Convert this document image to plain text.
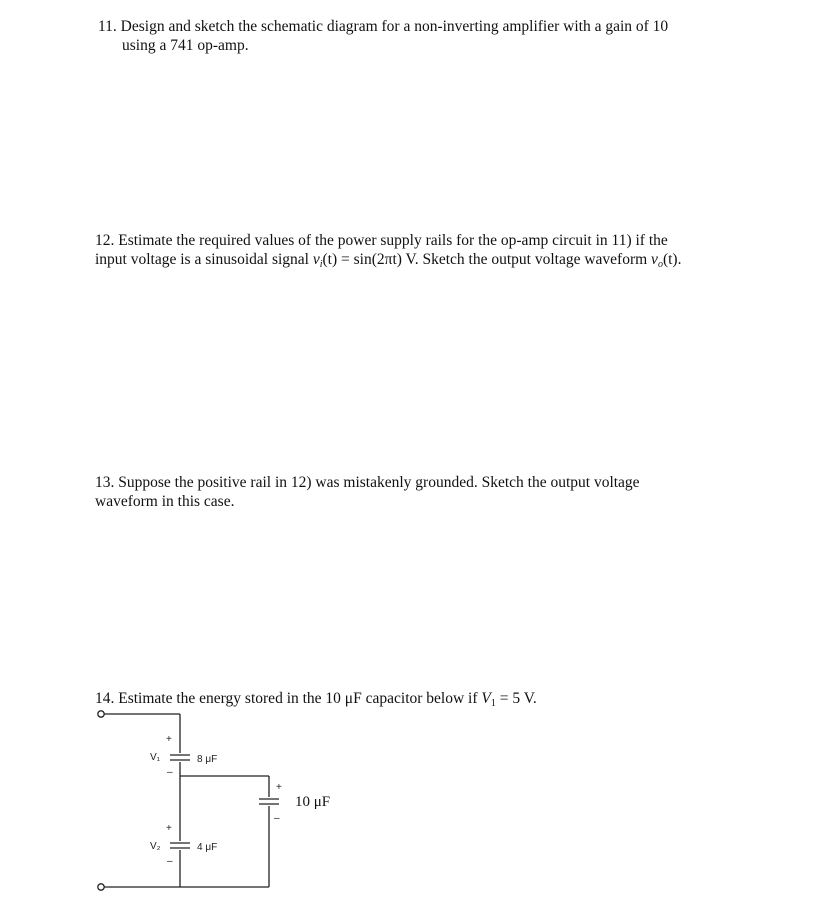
11. Design and sketch the schematic diagram for a non-inverting amplifier with a gain of 10
using a 741 op-amp.
12. Estimate the required values of the power supply rails for the op-amp circuit in 11) if the
input voltage is a sinusoidal signal $v_i(t) = \sin(2\pi t)$ V. Sketch the output voltage waveform $v_o(t)$.
13. Suppose the positive rail in 12) was mistakenly grounded. Sketch the output voltage
waveform in this case.
14. Estimate the energy stored in the 10 μF capacitor below if $V_1 = 5$ V.
+
V₁
–
8 μF
+
V₂
–
4 μF
+
–
10 μF
